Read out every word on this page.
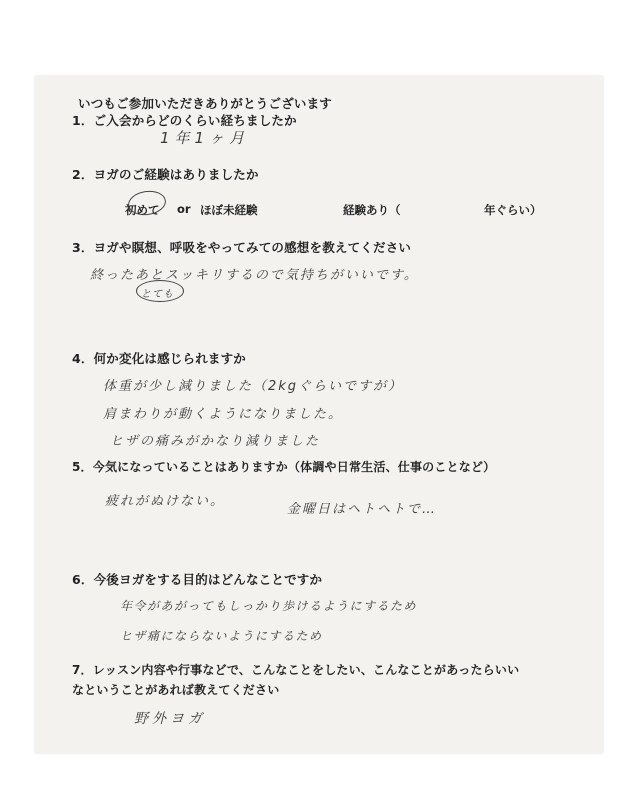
いつもご参加いただきありがとうございます
1．ご入会からどのくらい経ちましたか
1年1ヶ月
2．ヨガのご経験はありましたか
初めて or ほぼ未経験	経験あり（	年ぐらい）
3．ヨガや瞑想、呼吸をやってみての感想を教えてください
終ったあとスッキリするので気持ちがいいです。
とても
4．何か変化は感じられますか
体重が少し減りました（2kgぐらいですが）
肩まわりが動くようになりました。
ヒザの痛みがかなり減りました
5．今気になっていることはありますか（体調や日常生活、仕事のことなど）
疲れがぬけない。
金曜日はヘトヘトで…
6．今後ヨガをする目的はどんなことですか
年令があがってもしっかり歩けるようにするため
ヒザ痛にならないようにするため
7．レッスン内容や行事などで、こんなことをしたい、こんなことがあったらいい
なということがあれば教えてください
野外ヨガ
